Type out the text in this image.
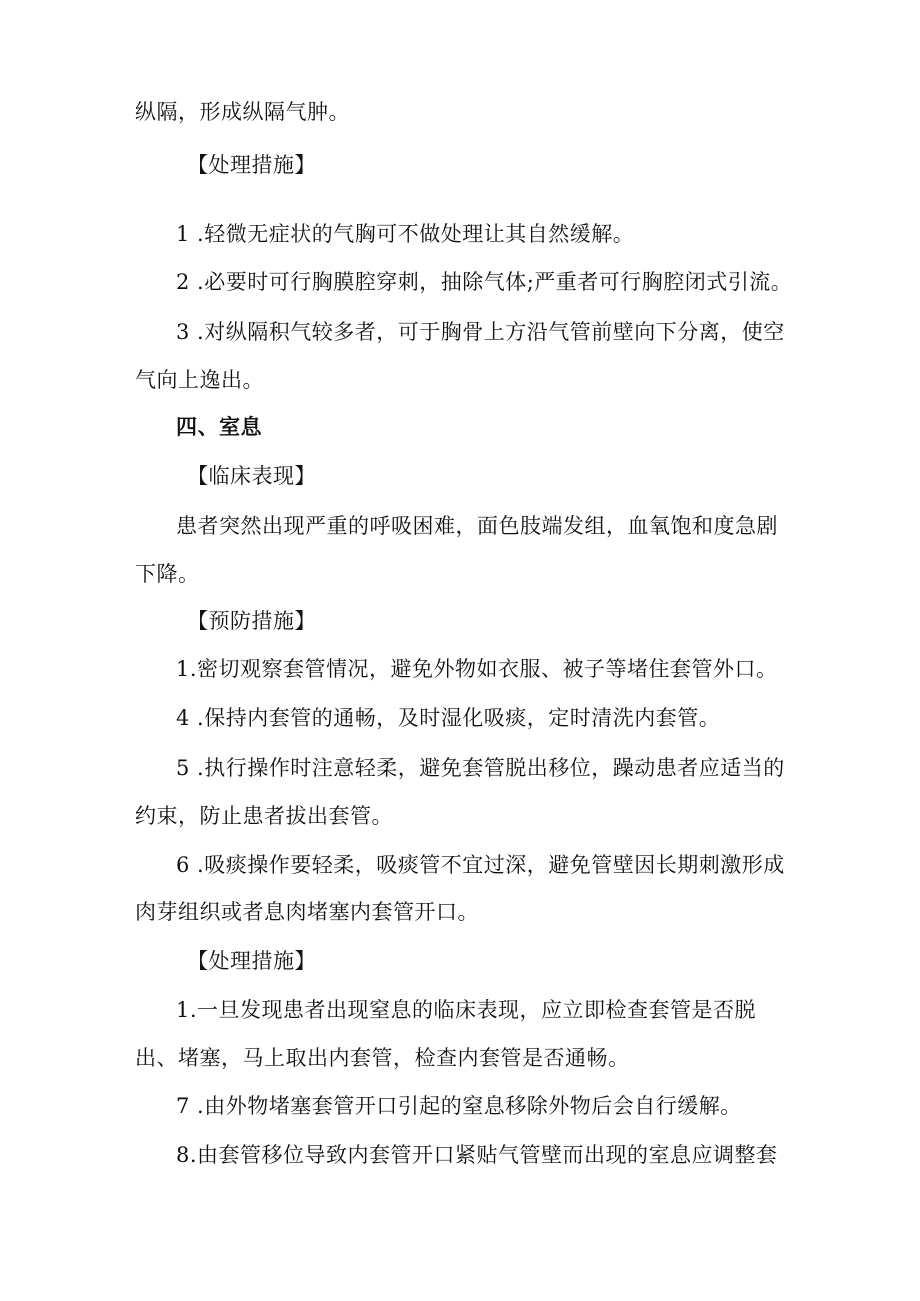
纵隔，形成纵隔气肿。
【处理措施】
1 .轻微无症状的气胸可不做处理让其自然缓解。
2 .必要时可行胸膜腔穿刺，抽除气体;严重者可行胸腔闭式引流。
3 .对纵隔积气较多者，可于胸骨上方沿气管前壁向下分离，使空
气向上逸出。
四、室息
【临床表现】
患者突然出现严重的呼吸困难，面色肢端发组，血氧饱和度急剧
下降。
【预防措施】
1.密切观察套管情况，避免外物如衣服、被子等堵住套管外口。
4 .保持内套管的通畅，及时湿化吸痰，定时清洗内套管。
5 .执行操作时注意轻柔，避免套管脱出移位，躁动患者应适当的
约束，防止患者拔出套管。
6 .吸痰操作要轻柔，吸痰管不宜过深，避免管壁因长期刺激形成
肉芽组织或者息肉堵塞内套管开口。
【处理措施】
1.一旦发现患者出现窒息的临床表现，应立即检查套管是否脱
出、堵塞，马上取出内套管，检查内套管是否通畅。
7 .由外物堵塞套管开口引起的窒息移除外物后会自行缓解。
8.由套管移位导致内套管开口紧贴气管壁而出现的室息应调整套
